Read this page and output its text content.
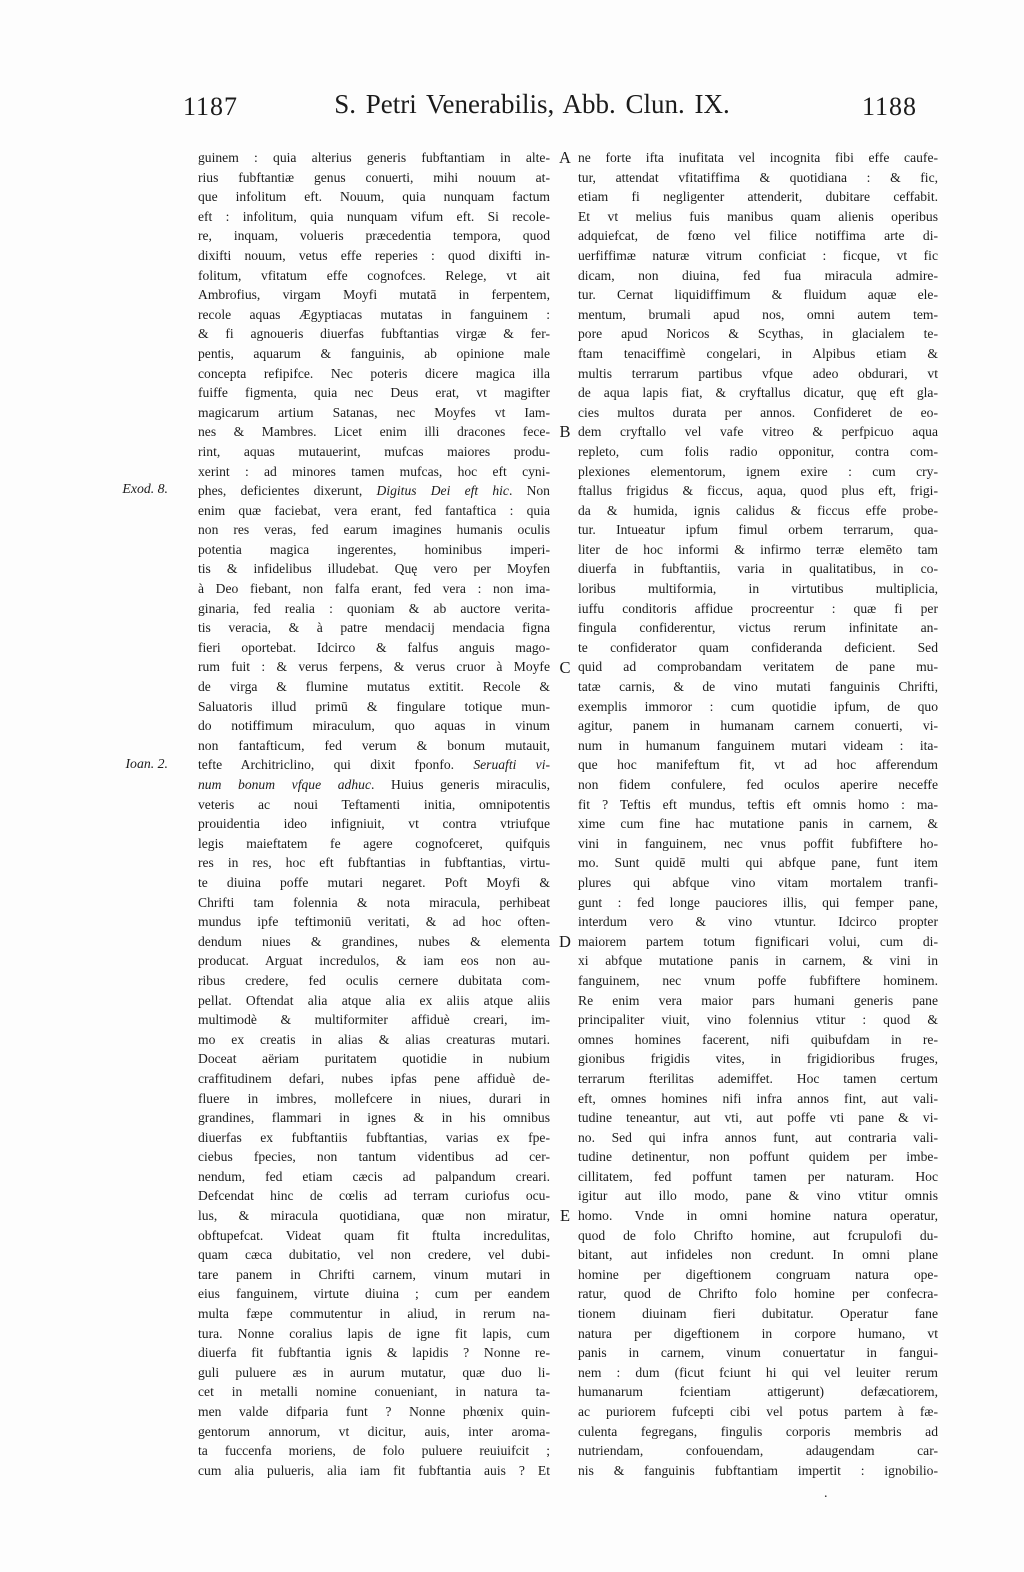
1187	S. Petri Venerabilis, Abb. Clun. IX.	1188
guinem : quia alterius generis fubftantiam in alte-
rius fubftantiæ genus conuerti, mihi nouum at-
que infolitum eft. Nouum, quia nunquam factum
eft : infolitum, quia nunquam vifum eft. Si recole-
re, inquam, volueris præcedentia tempora, quod
dixifti nouum, vetus effe reperies : quod dixifti in-
folitum, vfitatum effe cognofces. Relege, vt ait
Ambrofius, virgam Moyfi mutatā in ferpentem,
recole aquas Ægyptiacas mutatas in fanguinem :
& fi agnoueris diuerfas fubftantias virgæ & fer-
pentis, aquarum & fanguinis, ab opinione male
concepta refipifce. Nec poteris dicere magica illa
fuiffe figmenta, quia nec Deus erat, vt magifter
magicarum artium Satanas, nec Moyfes vt Iam-
nes & Mambres. Licet enim illi dracones fece-
rint, aquas mutauerint, mufcas maiores produ-
xerint : ad minores tamen mufcas, hoc eft cyni-
phes, deficientes dixerunt, Digitus Dei eft hic. Non
enim quæ faciebat, vera erant, fed fantaftica : quia
non res veras, fed earum imagines humanis oculis
potentia magica ingerentes, hominibus imperi-
tis & infidelibus illudebat. Quę vero per Moyfen
à Deo fiebant, non falfa erant, fed vera : non ima-
ginaria, fed realia : quoniam & ab auctore verita-
tis veracia, & à patre mendacij mendacia figna
fieri oportebat. Idcirco & falfus anguis mago-
rum fuit : & verus ferpens, & verus cruor à Moyfe
de virga & flumine mutatus extitit. Recole &
Saluatoris illud primū & fingulare totique mun-
do notiffimum miraculum, quo aquas in vinum
non fantafticum, fed verum & bonum mutauit,
tefte Architriclino, qui dixit fponfo. Seruafti vi-
num bonum vfque adhuc. Huius generis miraculis,
veteris ac noui Teftamenti initia, omnipotentis
prouidentia ideo infigniuit, vt contra vtriufque
legis maieftatem fe agere cognofceret, quifquis
res in res, hoc eft fubftantias in fubftantias, virtu-
te diuina poffe mutari negaret. Poft Moyfi &
Chrifti tam folennia & nota miracula, perhibeat
mundus ipfe teftimoniū veritati, & ad hoc often-
dendum niues & grandines, nubes & elementa
producat. Arguat incredulos, & iam eos non au-
ribus credere, fed oculis cernere dubitata com-
pellat. Oftendat alia atque alia ex aliis atque aliis
multimodè & multiformiter affiduè creari, im-
mo ex creatis in alias & alias creaturas mutari.
Doceat aëriam puritatem quotidie in nubium
craffitudinem defari, nubes ipfas pene affiduè de-
fluere in imbres, mollefcere in niues, durari in
grandines, flammari in ignes & in his omnibus
diuerfas ex fubftantiis fubftantias, varias ex fpe-
ciebus fpecies, non tantum videntibus ad cer-
nendum, fed etiam cæcis ad palpandum creari.
Defcendat hinc de cœlis ad terram curiofus ocu-
lus, & miracula quotidiana, quæ non miratur,
obftupefcat. Videat quam fit ftulta incredulitas,
quam cæca dubitatio, vel non credere, vel dubi-
tare panem in Chrifti carnem, vinum mutari in
eius fanguinem, virtute diuina ; cum per eandem
multa fæpe commutentur in aliud, in rerum na-
tura. Nonne coralius lapis de igne fit lapis, cum
diuerfa fit fubftantia ignis & lapidis ? Nonne re-
guli puluere æs in aurum mutatur, quæ duo li-
cet in metalli nomine conueniant, in natura ta-
men valde difparia funt ? Nonne phœnix quin-
gentorum annorum, vt dicitur, auis, inter aroma-
ta fuccenfa moriens, de folo puluere reuiuifcit ;
cum alia pulueris, alia iam fit fubftantia auis ? Et
ne forte ifta inufitata vel incognita fibi effe caufe-
tur, attendat vfitatiffima & quotidiana : & fic,
etiam fi negligenter attenderit, dubitare ceffabit.
Et vt melius fuis manibus quam alienis operibus
adquiefcat, de fœno vel filice notiffima arte di-
uerfiffimæ naturæ vitrum conficiat : ficque, vt fic
dicam, non diuina, fed fua miracula admire-
tur. Cernat liquidiffimum & fluidum aquæ ele-
mentum, brumali apud nos, omni autem tem-
pore apud Noricos & Scythas, in glacialem te-
ftam tenaciffimè congelari, in Alpibus etiam &
multis terrarum partibus vfque adeo obdurari, vt
de aqua lapis fiat, & cryftallus dicatur, quę eft gla-
cies multos durata per annos. Confideret de eo-
dem cryftallo vel vafe vitreo & perfpicuo aqua
repleto, cum folis radio opponitur, contra com-
plexiones elementorum, ignem exire : cum cry-
ftallus frigidus & ficcus, aqua, quod plus eft, frigi-
da & humida, ignis calidus & ficcus effe probe-
tur. Intueatur ipfum fimul orbem terrarum, qua-
liter de hoc informi & infirmo terræ elemēto tam
diuerfa in fubftantiis, varia in qualitatibus, in co-
loribus multiformia, in virtutibus multiplicia,
iuffu conditoris affidue procreentur : quæ fi per
fingula confiderentur, victus rerum infinitate an-
te confiderator quam confideranda deficient. Sed
quid ad comprobandam veritatem de pane mu-
tatæ carnis, & de vino mutati fanguinis Chrifti,
exemplis immoror : cum quotidie ipfum, de quo
agitur, panem in humanam carnem conuerti, vi-
num in humanum fanguinem mutari videam : ita-
que hoc manifeftum fit, vt ad hoc afferendum
non fidem confulere, fed oculos aperire neceffe
fit ? Teftis eft mundus, teftis eft omnis homo : ma-
xime cum fine hac mutatione panis in carnem, &
vini in fanguinem, nec vnus poffit fubfiftere ho-
mo. Sunt quidē multi qui abfque pane, funt item
plures qui abfque vino vitam mortalem tranfi-
gunt : fed longe pauciores illis, qui femper pane,
interdum vero & vino vtuntur. Idcirco propter
maiorem partem totum fignificari volui, cum di-
xi abfque mutatione panis in carnem, & vini in
fanguinem, nec vnum poffe fubfiftere hominem.
Re enim vera maior pars humani generis pane
principaliter viuit, vino folennius vtitur : quod &
omnes homines facerent, nifi quibufdam in re-
gionibus frigidis vites, in frigidioribus fruges,
terrarum fterilitas ademiffet. Hoc tamen certum
eft, omnes homines nifi infra annos fint, aut vali-
tudine teneantur, aut vti, aut poffe vti pane & vi-
no. Sed qui infra annos funt, aut contraria vali-
tudine detinentur, non poffunt quidem per imbe-
cillitatem, fed poffunt tamen per naturam. Hoc
igitur aut illo modo, pane & vino vtitur omnis
homo. Vnde in omni homine natura operatur,
quod de folo Chrifto homine, aut fcrupulofi du-
bitant, aut infideles non credunt. In omni plane
homine per digeftionem congruam natura ope-
ratur, quod de Chrifto folo homine per confecra-
tionem diuinam fieri dubitatur. Operatur fane
natura per digeftionem in corpore humano, vt
panis in carnem, vinum conuertatur in fangui-
nem : dum (ficut fciunt hi qui vel leuiter rerum
humanarum fcientiam attigerunt) defæcatiorem,
ac puriorem fufcepti cibi vel potus partem à fæ-
culenta fegregans, fingulis corporis membris ad
nutriendam, confouendam, adaugendam car-
nis & fanguinis fubftantiam impertit : ignobilio-
.
A
B
C
D
E
Exod. 8.
Ioan. 2.
